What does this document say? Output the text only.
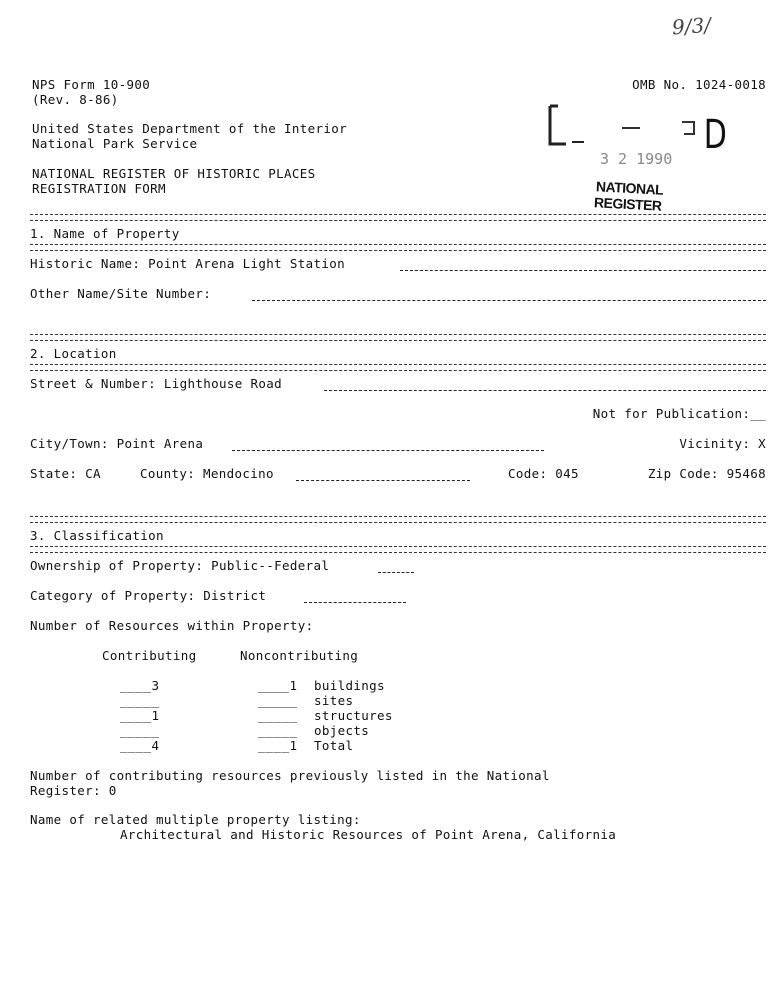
9/3/

NPS Form 10-900

(Rev. 8-86)

OMB No. 1024-0018

United States Department of the Interior

National Park Service

NATIONAL REGISTER OF HISTORIC PLACES

REGISTRATION FORM

D
3 2 1990
NATIONAL
REGISTER

1. Name of Property

Historic Name: Point Arena Light Station

Other Name/Site Number:

2. Location

Street & Number: Lighthouse Road

Not for Publication:__

City/Town: Point Arena	Vicinity: X

State: CA	County: Mendocino	Code: 045	Zip Code: 95468

3. Classification

Ownership of Property: Public--Federal

Category of Property: District

Number of Resources within Property:

Contributing	Noncontributing

____3	____1 buildings

_____	_____ sites

____1	_____ structures

_____	_____ objects

____4	____1 Total

Number of contributing resources previously listed in the National

Register: 0

Name of related multiple property listing:

Architectural and Historic Resources of Point Arena, California
